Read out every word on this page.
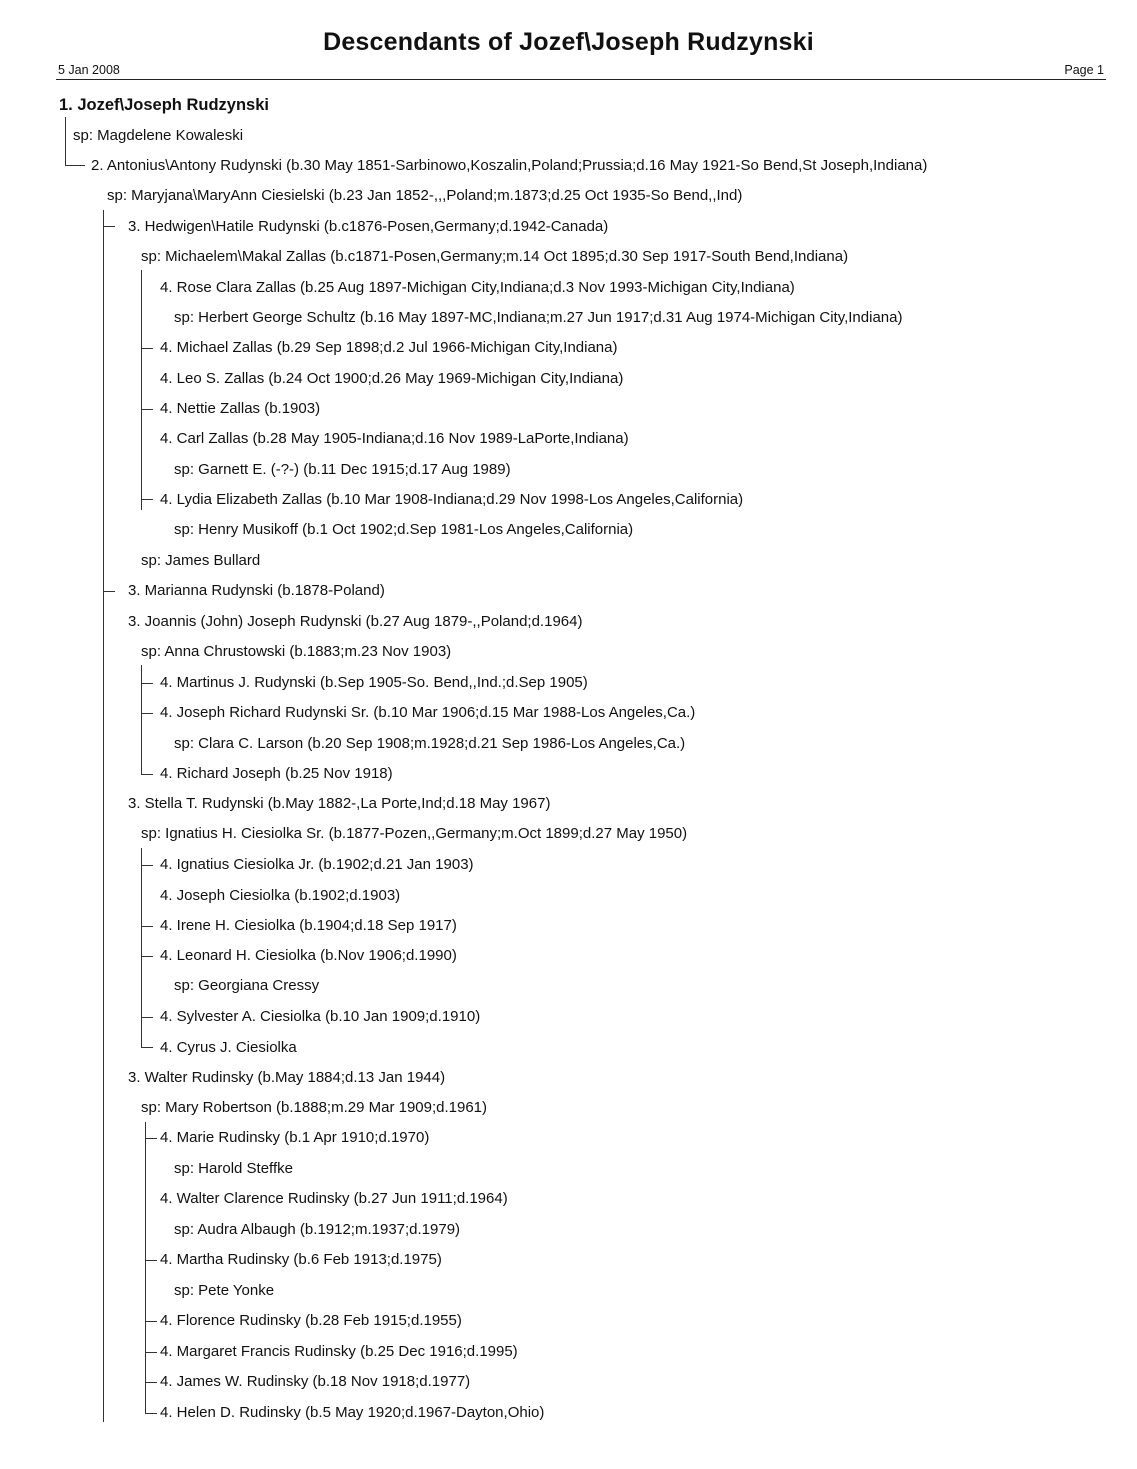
Descendants of Jozef\Joseph Rudzynski
5 Jan 2008	Page 1
1. Jozef\Joseph Rudzynski
sp: Magdelene Kowaleski
2. Antonius\Antony Rudynski (b.30 May 1851-Sarbinowo,Koszalin,Poland;Prussia;d.16 May 1921-So Bend,St Joseph,Indiana)
sp: Maryjana\MaryAnn Ciesielski (b.23 Jan 1852-,,,Poland;m.1873;d.25 Oct 1935-So Bend,,Ind)
3. Hedwigen\Hatile Rudynski (b.c1876-Posen,Germany;d.1942-Canada)
sp: Michaelem\Makal Zallas (b.c1871-Posen,Germany;m.14 Oct 1895;d.30 Sep 1917-South Bend,Indiana)
4. Rose Clara Zallas (b.25 Aug 1897-Michigan City,Indiana;d.3 Nov 1993-Michigan City,Indiana)
sp: Herbert George Schultz (b.16 May 1897-MC,Indiana;m.27 Jun 1917;d.31 Aug 1974-Michigan City,Indiana)
4. Michael Zallas (b.29 Sep 1898;d.2 Jul 1966-Michigan City,Indiana)
4. Leo S. Zallas (b.24 Oct 1900;d.26 May 1969-Michigan City,Indiana)
4. Nettie Zallas (b.1903)
4. Carl Zallas (b.28 May 1905-Indiana;d.16 Nov 1989-LaPorte,Indiana)
sp: Garnett E. (-?-) (b.11 Dec 1915;d.17 Aug 1989)
4. Lydia Elizabeth Zallas (b.10 Mar 1908-Indiana;d.29 Nov 1998-Los Angeles,California)
sp: Henry Musikoff (b.1 Oct 1902;d.Sep 1981-Los Angeles,California)
sp: James Bullard
3. Marianna Rudynski (b.1878-Poland)
3. Joannis (John) Joseph Rudynski (b.27 Aug 1879-,,Poland;d.1964)
sp: Anna Chrustowski (b.1883;m.23 Nov 1903)
4. Martinus J. Rudynski (b.Sep 1905-So. Bend,,Ind.;d.Sep 1905)
4. Joseph Richard Rudynski Sr. (b.10 Mar 1906;d.15 Mar 1988-Los Angeles,Ca.)
sp: Clara C. Larson (b.20 Sep 1908;m.1928;d.21 Sep 1986-Los Angeles,Ca.)
4. Richard Joseph (b.25 Nov 1918)
3. Stella T. Rudynski (b.May 1882-,La Porte,Ind;d.18 May 1967)
sp: Ignatius H. Ciesiolka Sr. (b.1877-Pozen,,Germany;m.Oct 1899;d.27 May 1950)
4. Ignatius Ciesiolka Jr. (b.1902;d.21 Jan 1903)
4. Joseph Ciesiolka (b.1902;d.1903)
4. Irene H. Ciesiolka (b.1904;d.18 Sep 1917)
4. Leonard H. Ciesiolka (b.Nov 1906;d.1990)
sp: Georgiana Cressy
4. Sylvester A. Ciesiolka (b.10 Jan 1909;d.1910)
4. Cyrus J. Ciesiolka
3. Walter Rudinsky (b.May 1884;d.13 Jan 1944)
sp: Mary Robertson (b.1888;m.29 Mar 1909;d.1961)
4. Marie Rudinsky (b.1 Apr 1910;d.1970)
sp: Harold Steffke
4. Walter Clarence Rudinsky (b.27 Jun 1911;d.1964)
sp: Audra Albaugh (b.1912;m.1937;d.1979)
4. Martha Rudinsky (b.6 Feb 1913;d.1975)
sp: Pete Yonke
4. Florence Rudinsky (b.28 Feb 1915;d.1955)
4. Margaret Francis Rudinsky (b.25 Dec 1916;d.1995)
4. James W. Rudinsky (b.18 Nov 1918;d.1977)
4. Helen D. Rudinsky (b.5 May 1920;d.1967-Dayton,Ohio)
